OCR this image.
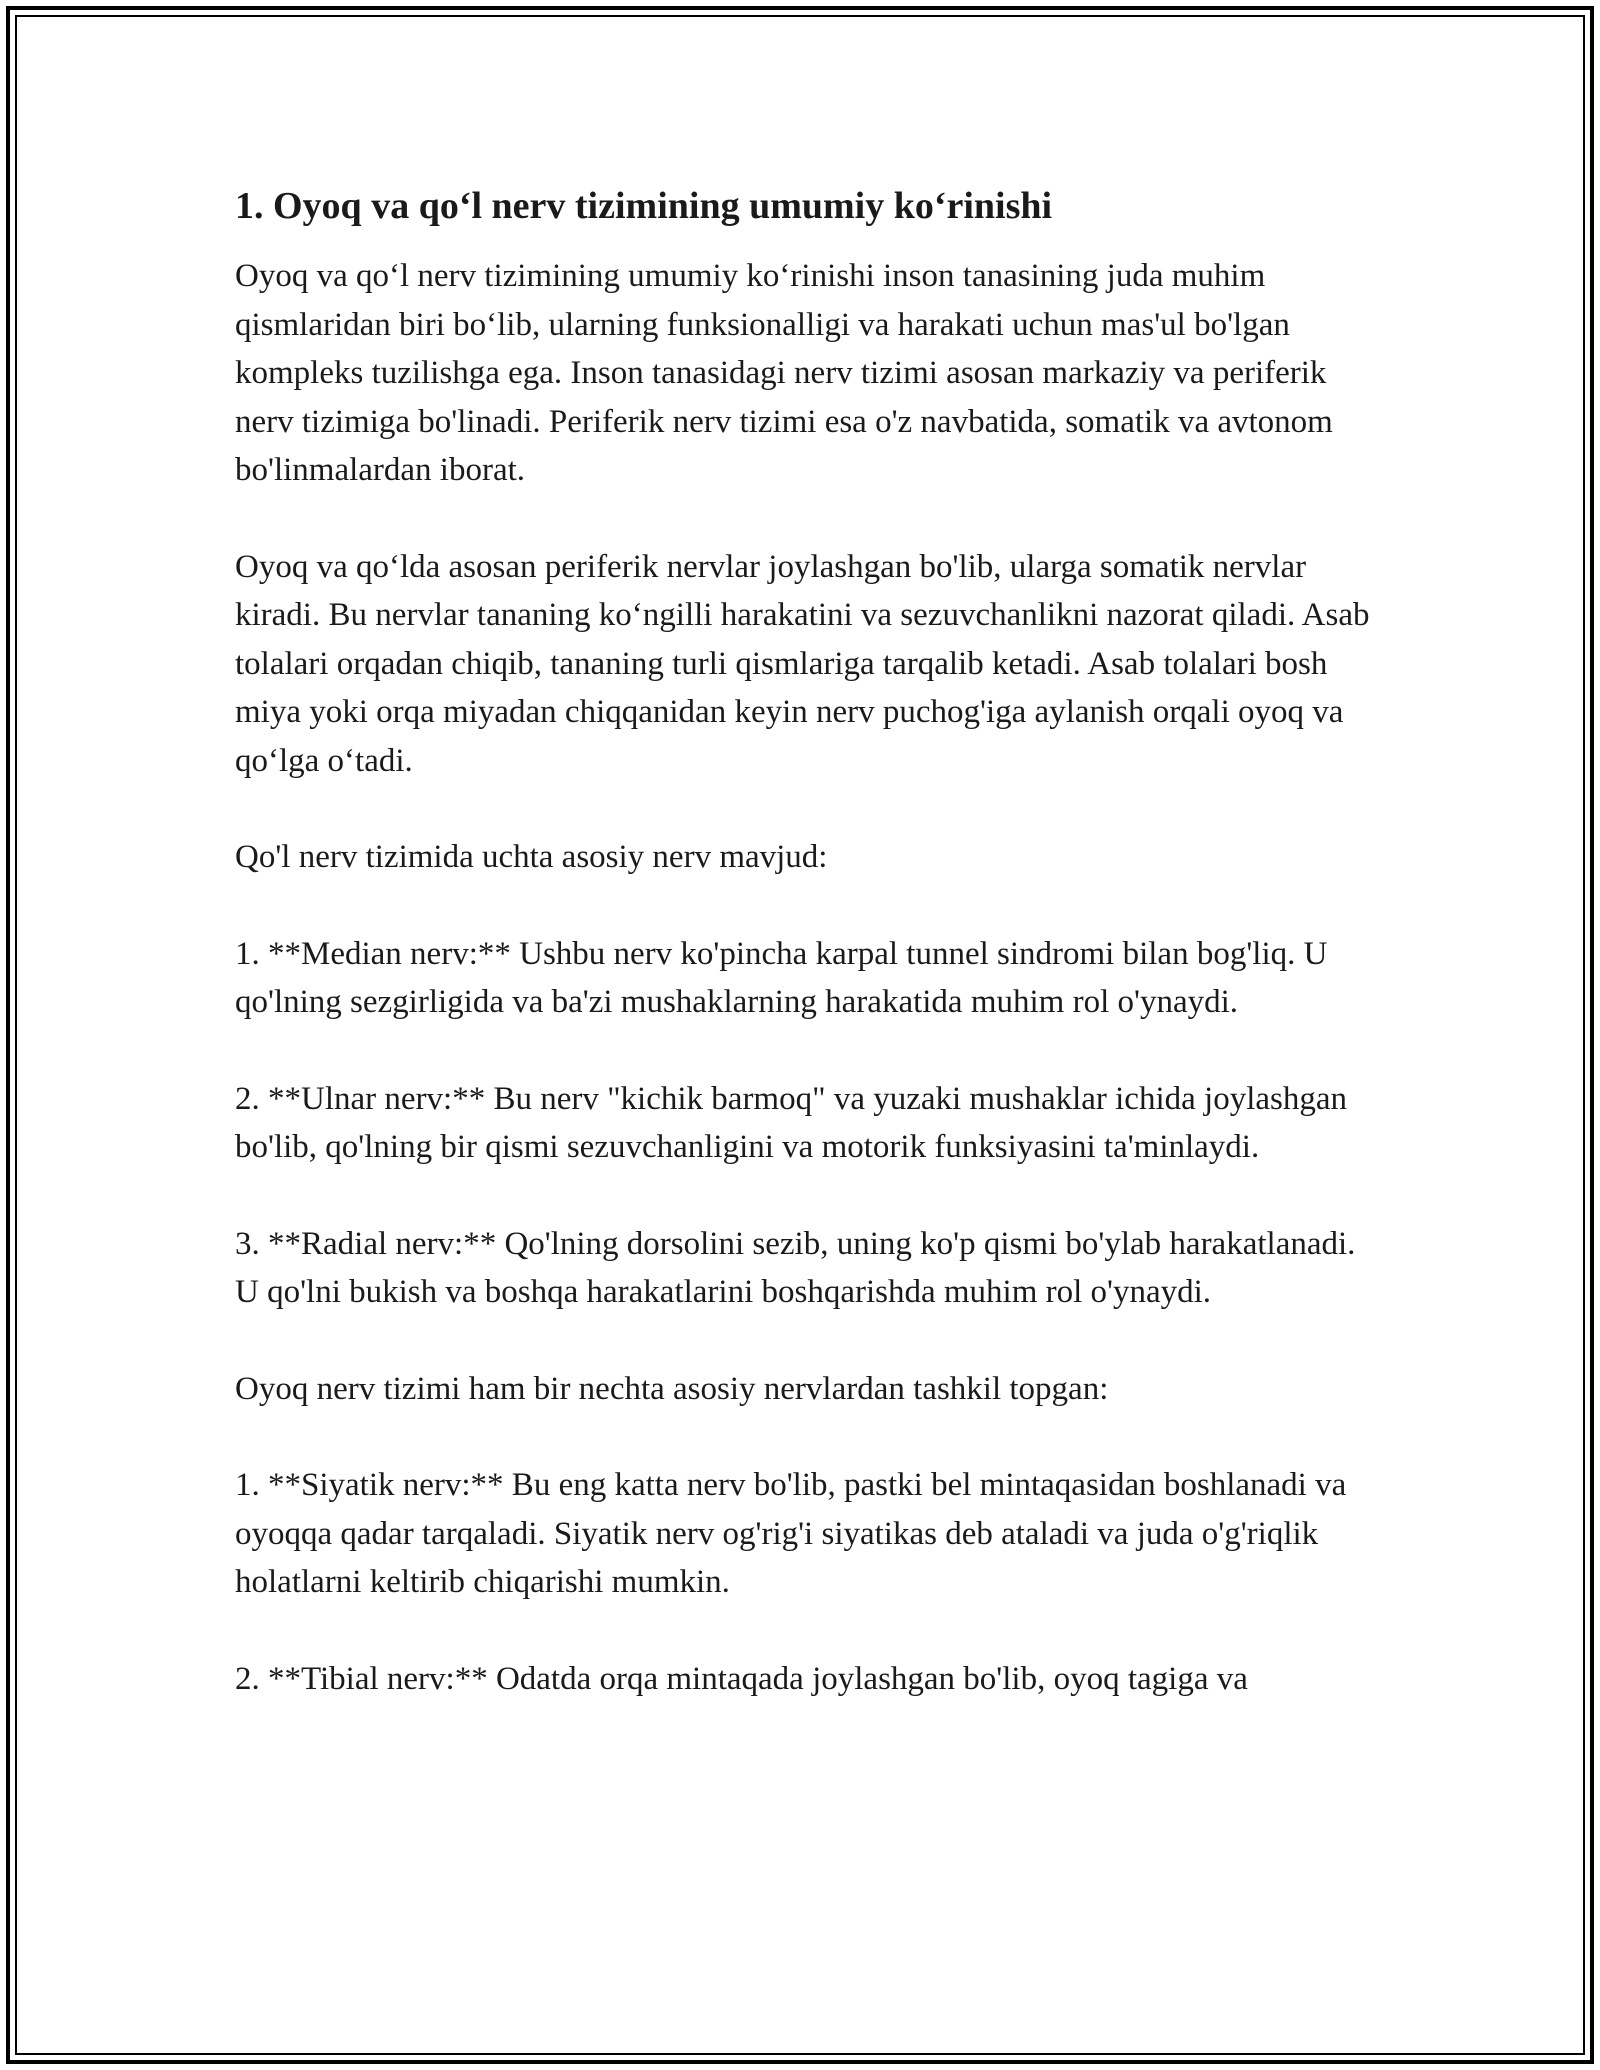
1. Oyoq va qo‘l nerv tizimining umumiy ko‘rinishi

Oyoq va qo‘l nerv tizimining umumiy ko‘rinishi inson tanasining juda muhim qismlaridan biri bo‘lib, ularning funksionalligi va harakati uchun mas'ul bo'lgan kompleks tuzilishga ega. Inson tanasidagi nerv tizimi asosan markaziy va periferik nerv tizimiga bo'linadi. Periferik nerv tizimi esa o'z navbatida, somatik va avtonom bo'linmalardan iborat.

Oyoq va qo‘lda asosan periferik nervlar joylashgan bo'lib, ularga somatik nervlar kiradi. Bu nervlar tananing ko‘ngilli harakatini va sezuvchanlikni nazorat qiladi. Asab tolalari orqadan chiqib, tananing turli qismlariga tarqalib ketadi. Asab tolalari bosh miya yoki orqa miyadan chiqqanidan keyin nerv puchog'iga aylanish orqali oyoq va qo‘lga o‘tadi.

Qo'l nerv tizimida uchta asosiy nerv mavjud:

1. **Median nerv:** Ushbu nerv ko'pincha karpal tunnel sindromi bilan bog'liq. U qo'lning sezgirligida va ba'zi mushaklarning harakatida muhim rol o'ynaydi.

2. **Ulnar nerv:** Bu nerv "kichik barmoq" va yuzaki mushaklar ichida joylashgan bo'lib, qo'lning bir qismi sezuvchanligini va motorik funksiyasini ta'minlaydi.

3. **Radial nerv:** Qo'lning dorsolini sezib, uning ko'p qismi bo'ylab harakatlanadi. U qo'lni bukish va boshqa harakatlarini boshqarishda muhim rol o'ynaydi.

Oyoq nerv tizimi ham bir nechta asosiy nervlardan tashkil topgan:

1. **Siyatik nerv:** Bu eng katta nerv bo'lib, pastki bel mintaqasidan boshlanadi va oyoqqa qadar tarqaladi. Siyatik nerv og'rig'i siyatikas deb ataladi va juda o'g'riqlik holatlarni keltirib chiqarishi mumkin.

2. **Tibial nerv:** Odatda orqa mintaqada joylashgan bo'lib, oyoq tagiga va
